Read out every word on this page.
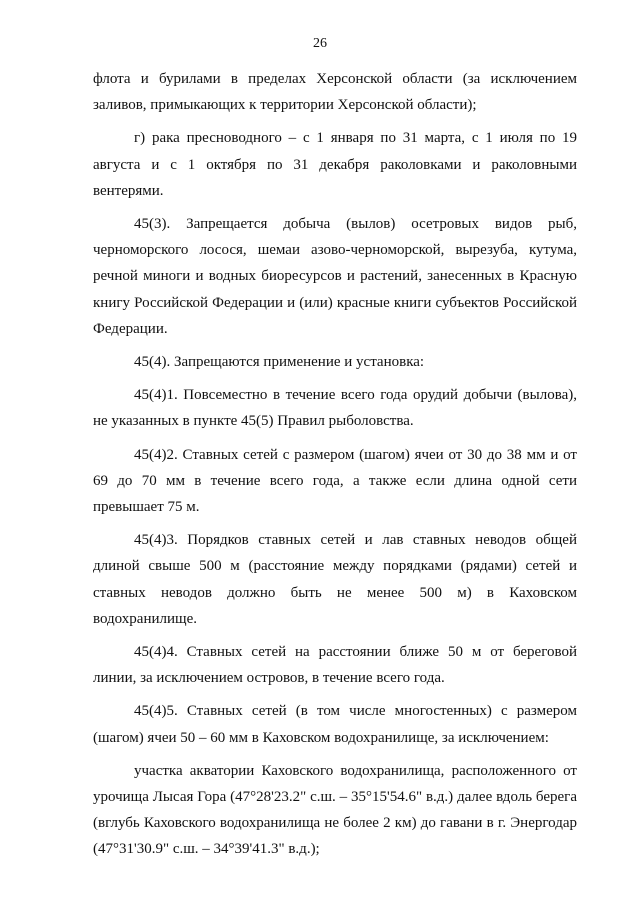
26

флота и бурилами в пределах Херсонской области (за исключением заливов, примыкающих к территории Херсонской области);

г) рака пресноводного – с 1 января по 31 марта, с 1 июля по 19 августа и с 1 октября по 31 декабря раколовками и раколовными вентерями.

45(3). Запрещается добыча (вылов) осетровых видов рыб, черноморского лосося, шемаи азово-черноморской, вырезуба, кутума, речной миноги и водных биоресурсов и растений, занесенных в Красную книгу Российской Федерации и (или) красные книги субъектов Российской Федерации.

45(4). Запрещаются применение и установка:

45(4)1. Повсеместно в течение всего года орудий добычи (вылова), не указанных в пункте 45(5) Правил рыболовства.

45(4)2. Ставных сетей с размером (шагом) ячеи от 30 до 38 мм и от 69 до 70 мм в течение всего года, а также если длина одной сети превышает 75 м.

45(4)3. Порядков ставных сетей и лав ставных неводов общей длиной свыше 500 м (расстояние между порядками (рядами) сетей и ставных неводов должно быть не менее 500 м) в Каховском водохранилище.

45(4)4. Ставных сетей на расстоянии ближе 50 м от береговой линии, за исключением островов, в течение всего года.

45(4)5. Ставных сетей (в том числе многостенных) с размером (шагом) ячеи 50 – 60 мм в Каховском водохранилище, за исключением:

участка акватории Каховского водохранилища, расположенного от урочища Лысая Гора (47°28'23.2" с.ш. – 35°15'54.6" в.д.) далее вдоль берега (вглубь Каховского водохранилища не более 2 км) до гавани в г. Энергодар (47°31'30.9" с.ш. – 34°39'41.3" в.д.);
